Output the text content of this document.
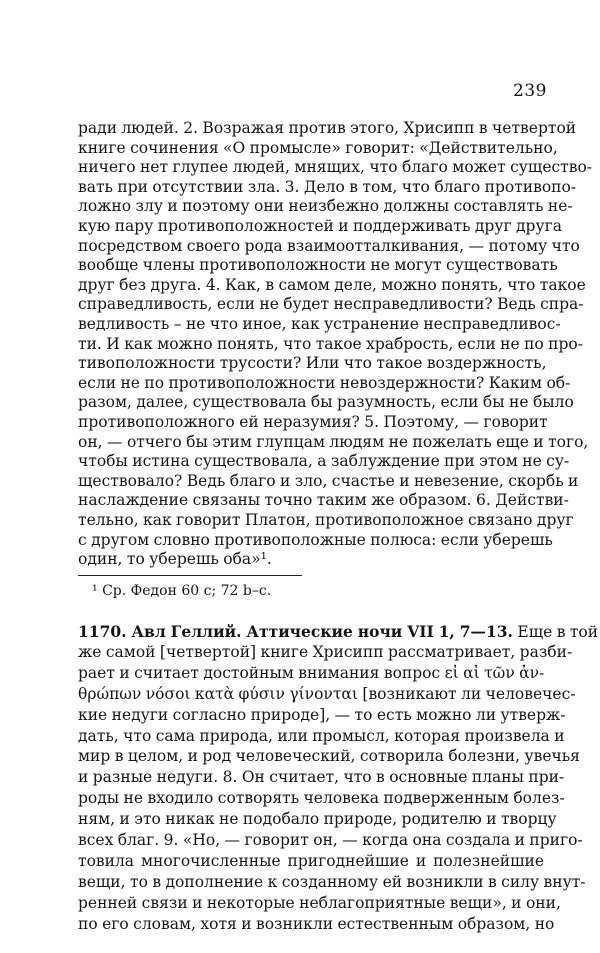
239
ради людей. 2. Возражая против этого, Хрисипп в четвертой
книге сочинения «О промысле» говорит: «Действительно,
ничего нет глупее людей, мнящих, что благо может существо-
вать при отсутствии зла. 3. Дело в том, что благо противопо-
ложно злу и поэтому они неизбежно должны составлять не-
кую пару противоположностей и поддерживать друг друга
посредством своего рода взаимоотталкивания, — потому что
вообще члены противоположности не могут существовать
друг без друга. 4. Как, в самом деле, можно понять, что такое
справедливость, если не будет несправедливости? Ведь спра-
ведливость – не что иное, как устранение несправедливос-
ти. И как можно понять, что такое храбрость, если не по про-
тивоположности трусости? Или что такое воздержность,
если не по противоположности невоздержности? Каким об-
разом, далее, существовала бы разумность, если бы не было
противоположного ей неразумия? 5. Поэтому, — говорит
он, — отчего бы этим глупцам людям не пожелать еще и того,
чтобы истина существовала, а заблуждение при этом не су-
ществовало? Ведь благо и зло, счастье и невезение, скорбь и
наслаждение связаны точно таким же образом. 6. Действи-
тельно, как говорит Платон, противоположное связано друг
с другом словно противоположные полюса: если уберешь
один, то уберешь оба»¹.
¹ Ср. Федон 60 с; 72 b–c.
1170. Авл Геллий. Аттические ночи VII 1, 7—13. Еще в той
же самой [четвертой] книге Хрисипп рассматривает, разби-
рает и считает достойным внимания вопрос εἰ αἱ τῶν ἀν-
θρώπων νόσοι κατὰ φύσιν γίνονται [возникают ли человечес-
кие недуги согласно природе], — то есть можно ли утверж-
дать, что сама природа, или промысл, которая произвела и
мир в целом, и род человеческий, сотворила болезни, увечья
и разные недуги. 8. Он считает, что в основные планы при-
роды не входило сотворять человека подверженным болез-
ням, и это никак не подобало природе, родителю и творцу
всех благ. 9. «Но, — говорит он, — когда она создала и приго-
товила многочисленные пригоднейшие и полезнейшие
вещи, то в дополнение к созданному ей возникли в силу внут-
ренней связи и некоторые неблагоприятные вещи», и они,
по его словам, хотя и возникли естественным образом, но
